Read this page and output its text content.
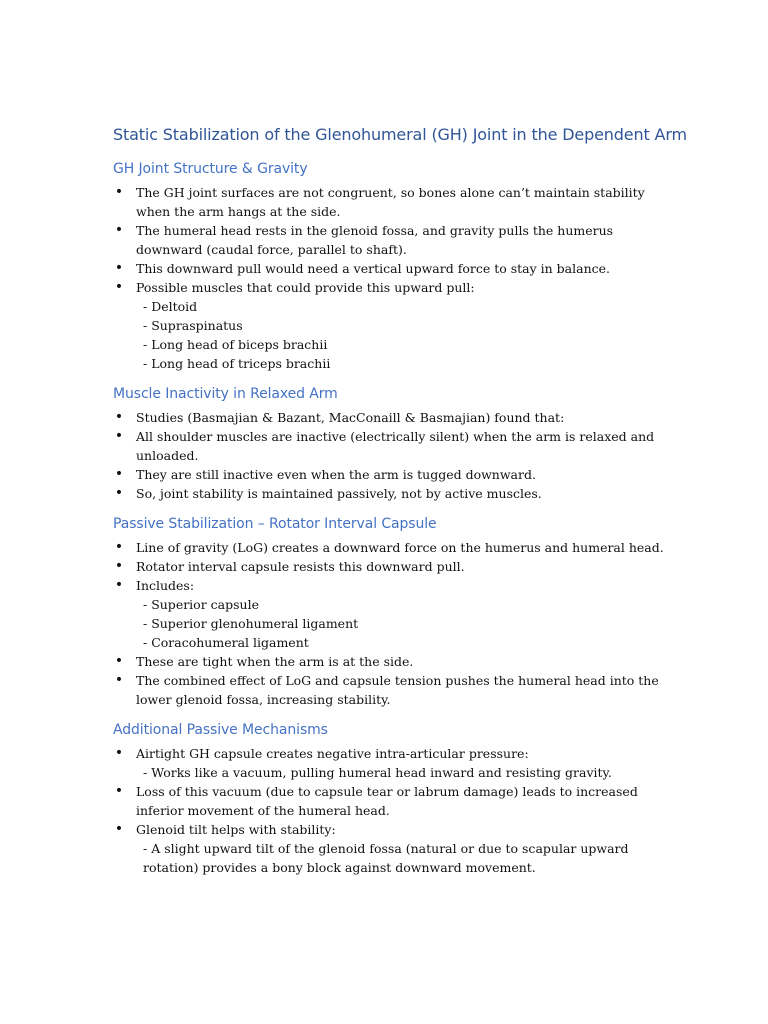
Static Stabilization of the Glenohumeral (GH) Joint in the Dependent Arm
GH Joint Structure & Gravity
• The GH joint surfaces are not congruent, so bones alone can’t maintain stability when the arm hangs at the side.
• The humeral head rests in the glenoid fossa, and gravity pulls the humerus downward (caudal force, parallel to shaft).
• This downward pull would need a vertical upward force to stay in balance.
• Possible muscles that could provide this upward pull:
- Deltoid
- Supraspinatus
- Long head of biceps brachii
- Long head of triceps brachii
Muscle Inactivity in Relaxed Arm
• Studies (Basmajian & Bazant, MacConaill & Basmajian) found that:
• All shoulder muscles are inactive (electrically silent) when the arm is relaxed and unloaded.
• They are still inactive even when the arm is tugged downward.
• So, joint stability is maintained passively, not by active muscles.
Passive Stabilization – Rotator Interval Capsule
• Line of gravity (LoG) creates a downward force on the humerus and humeral head.
• Rotator interval capsule resists this downward pull.
• Includes:
- Superior capsule
- Superior glenohumeral ligament
- Coracohumeral ligament
• These are tight when the arm is at the side.
• The combined effect of LoG and capsule tension pushes the humeral head into the lower glenoid fossa, increasing stability.
Additional Passive Mechanisms
• Airtight GH capsule creates negative intra-articular pressure:
- Works like a vacuum, pulling humeral head inward and resisting gravity.
• Loss of this vacuum (due to capsule tear or labrum damage) leads to increased inferior movement of the humeral head.
• Glenoid tilt helps with stability:
- A slight upward tilt of the glenoid fossa (natural or due to scapular upward rotation) provides a bony block against downward movement.
